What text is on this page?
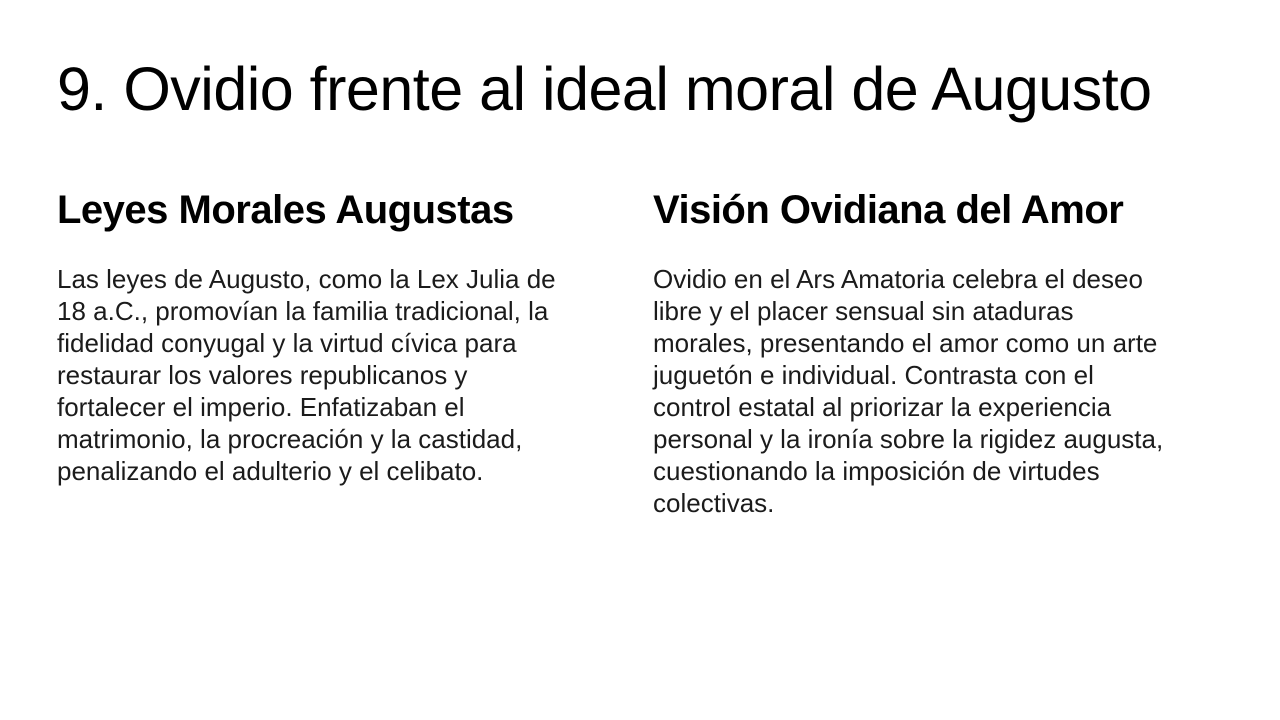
9. Ovidio frente al ideal moral de Augusto
Leyes Morales Augustas

Las leyes de Augusto, como la Lex Julia de 18 a.C., promovían la familia tradicional, la fidelidad conyugal y la virtud cívica para restaurar los valores republicanos y fortalecer el imperio. Enfatizaban el matrimonio, la procreación y la castidad, penalizando el adulterio y el celibato.

Visión Ovidiana del Amor

Ovidio en el Ars Amatoria celebra el deseo libre y el placer sensual sin ataduras morales, presentando el amor como un arte juguetón e individual. Contrasta con el control estatal al priorizar la experiencia personal y la ironía sobre la rigidez augusta, cuestionando la imposición de virtudes colectivas.
